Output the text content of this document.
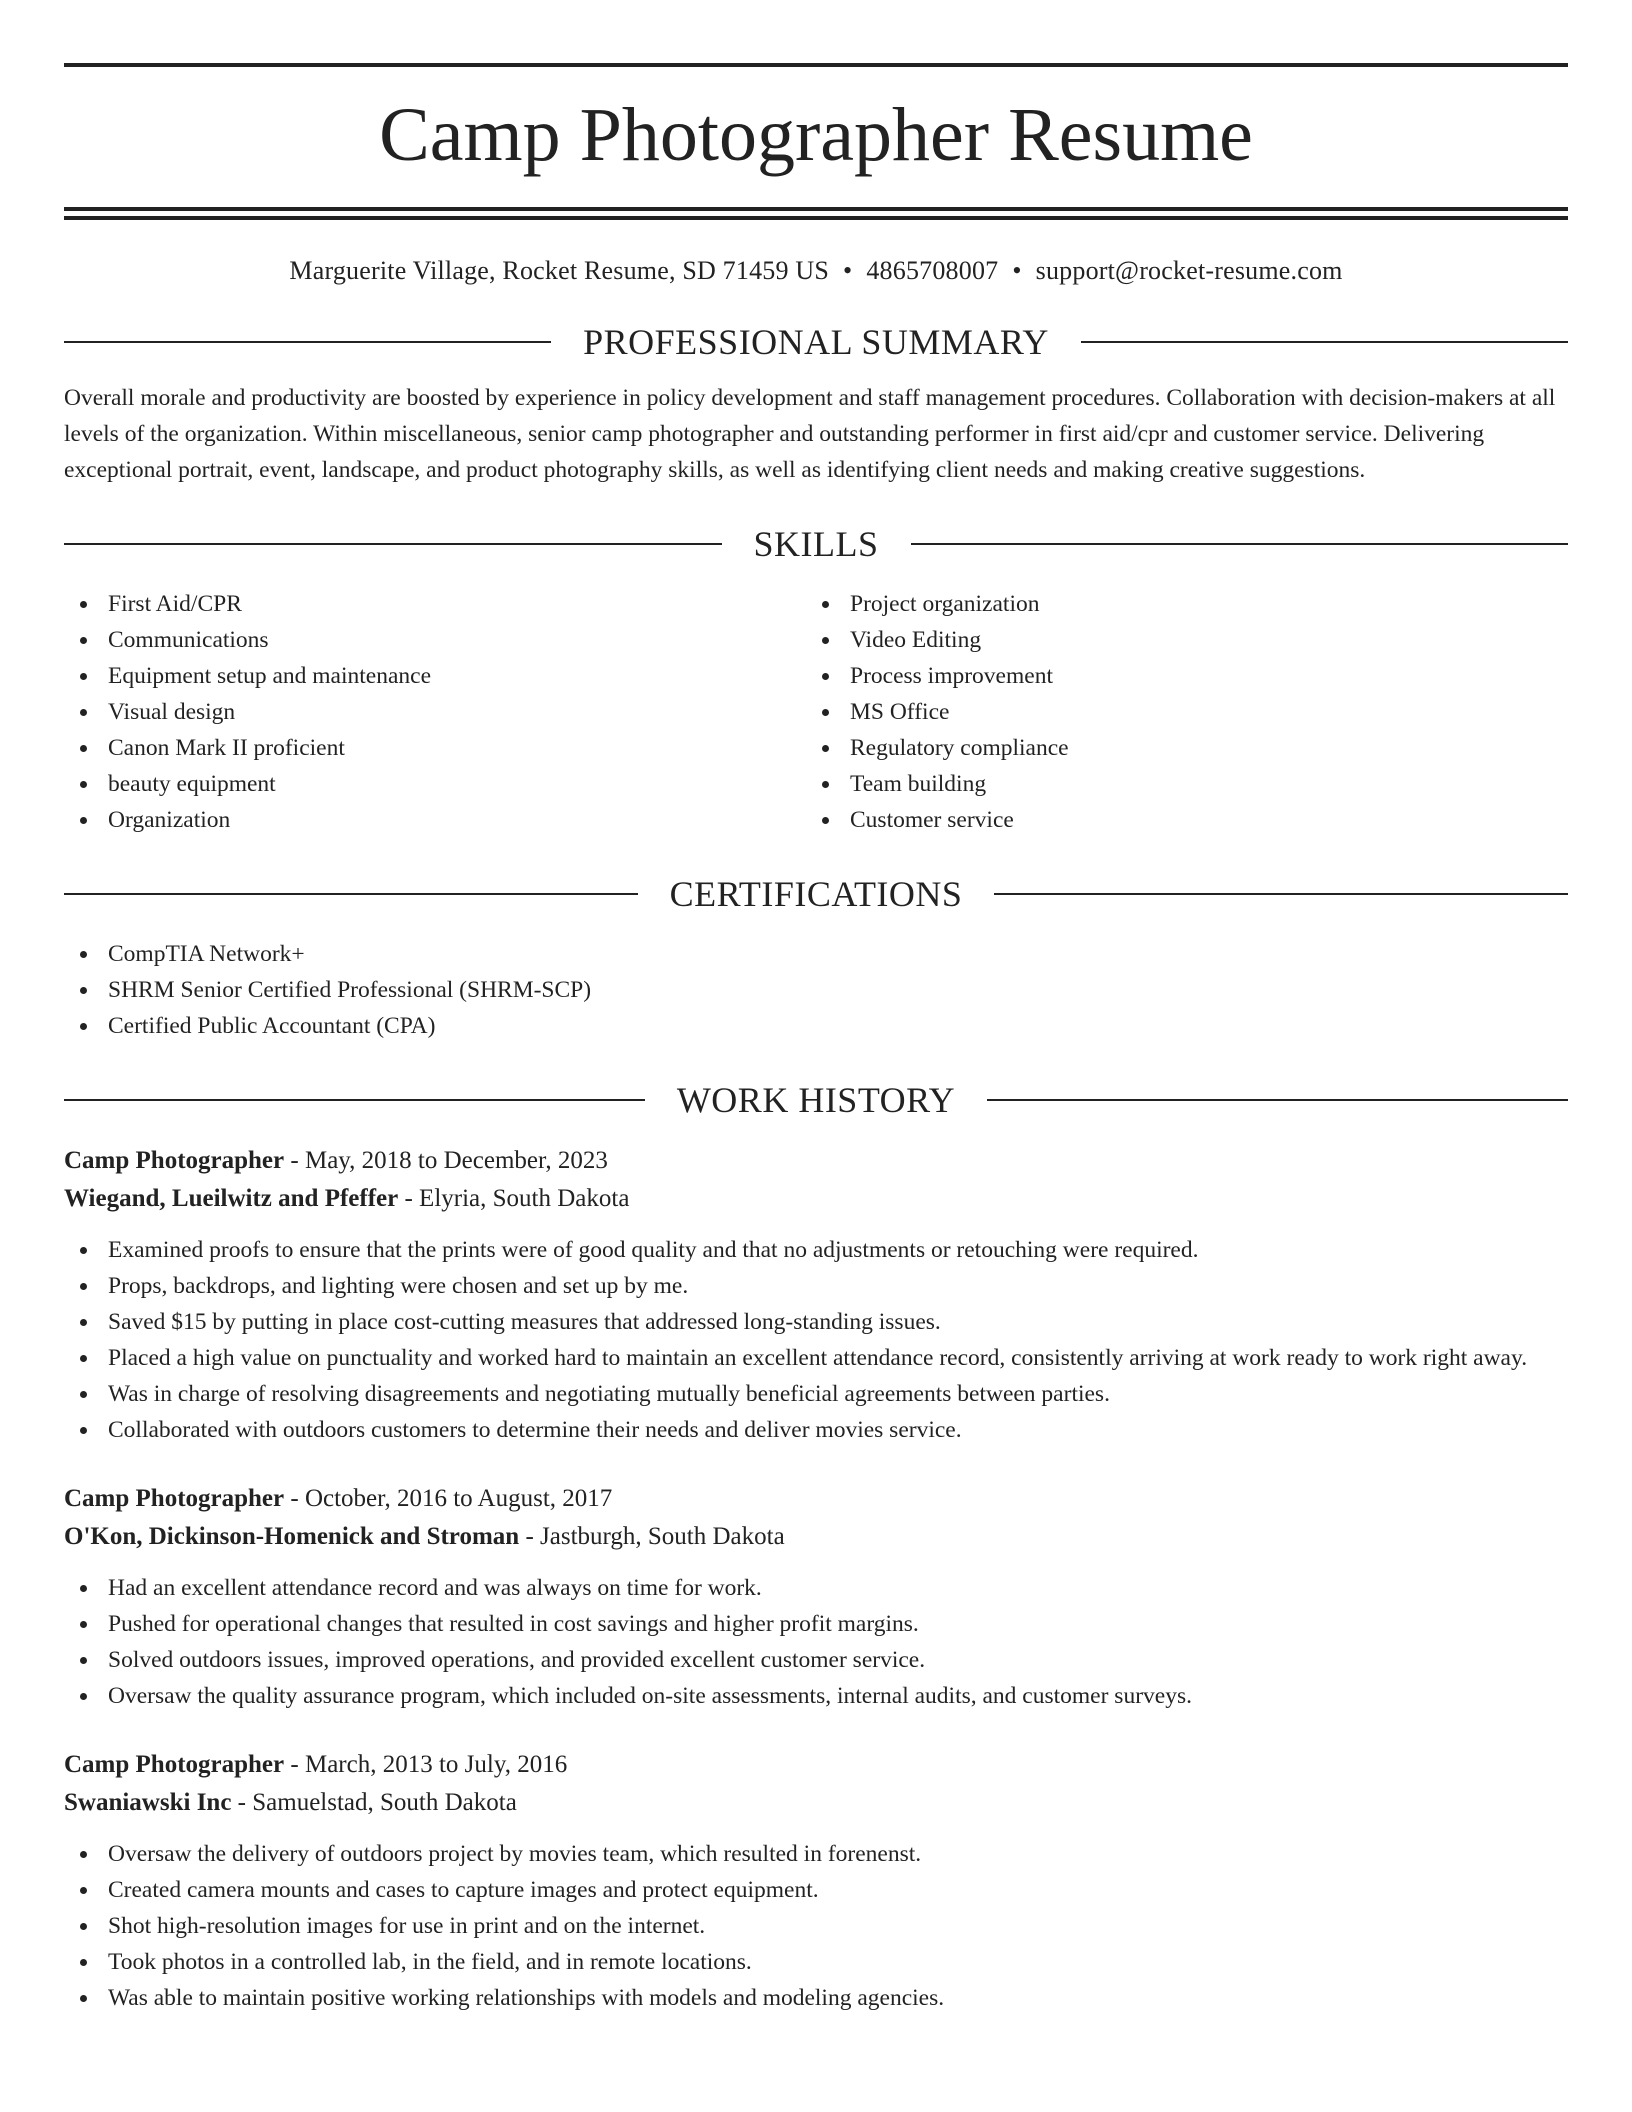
Camp Photographer Resume
Marguerite Village, Rocket Resume, SD 71459 US • 4865708007 • support@rocket-resume.com
PROFESSIONAL SUMMARY
Overall morale and productivity are boosted by experience in policy development and staff management procedures. Collaboration with decision-makers at all levels of the organization. Within miscellaneous, senior camp photographer and outstanding performer in first aid/cpr and customer service. Delivering exceptional portrait, event, landscape, and product photography skills, as well as identifying client needs and making creative suggestions.
SKILLS
First Aid/CPR
Communications
Equipment setup and maintenance
Visual design
Canon Mark II proficient
beauty equipment
Organization
Project organization
Video Editing
Process improvement
MS Office
Regulatory compliance
Team building
Customer service
CERTIFICATIONS
CompTIA Network+
SHRM Senior Certified Professional (SHRM-SCP)
Certified Public Accountant (CPA)
WORK HISTORY
Camp Photographer - May, 2018 to December, 2023
Wiegand, Lueilwitz and Pfeffer - Elyria, South Dakota
Examined proofs to ensure that the prints were of good quality and that no adjustments or retouching were required.
Props, backdrops, and lighting were chosen and set up by me.
Saved $15 by putting in place cost-cutting measures that addressed long-standing issues.
Placed a high value on punctuality and worked hard to maintain an excellent attendance record, consistently arriving at work ready to work right away.
Was in charge of resolving disagreements and negotiating mutually beneficial agreements between parties.
Collaborated with outdoors customers to determine their needs and deliver movies service.
Camp Photographer - October, 2016 to August, 2017
O'Kon, Dickinson-Homenick and Stroman - Jastburgh, South Dakota
Had an excellent attendance record and was always on time for work.
Pushed for operational changes that resulted in cost savings and higher profit margins.
Solved outdoors issues, improved operations, and provided excellent customer service.
Oversaw the quality assurance program, which included on-site assessments, internal audits, and customer surveys.
Camp Photographer - March, 2013 to July, 2016
Swaniawski Inc - Samuelstad, South Dakota
Oversaw the delivery of outdoors project by movies team, which resulted in forenenst.
Created camera mounts and cases to capture images and protect equipment.
Shot high-resolution images for use in print and on the internet.
Took photos in a controlled lab, in the field, and in remote locations.
Was able to maintain positive working relationships with models and modeling agencies.
